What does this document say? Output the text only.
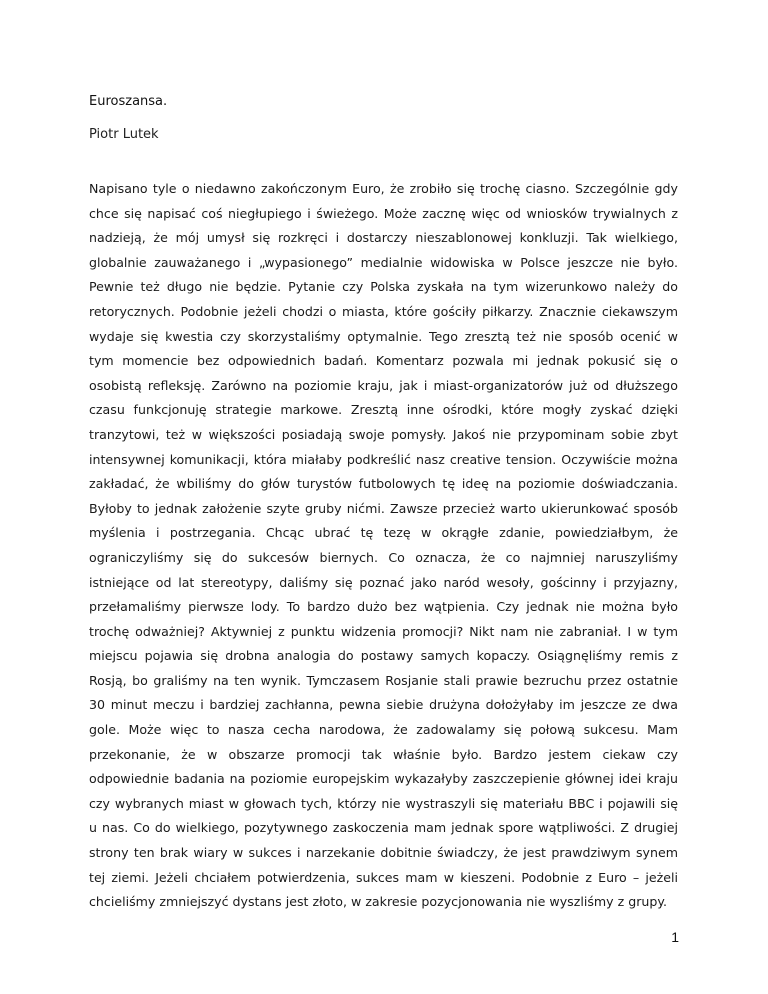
Euroszansa.
Piotr Lutek
Napisano tyle o niedawno zakończonym Euro, że zrobiło się trochę ciasno. Szczególnie gdy
chce się napisać coś niegłupiego i świeżego. Może zacznę więc od wniosków trywialnych z
nadzieją, że mój umysł się rozkręci i dostarczy nieszablonowej konkluzji. Tak wielkiego,
globalnie zauważanego i „wypasionego” medialnie widowiska w Polsce jeszcze nie było.
Pewnie też długo nie będzie. Pytanie czy Polska zyskała na tym wizerunkowo należy do
retorycznych. Podobnie jeżeli chodzi o miasta, które gościły piłkarzy. Znacznie ciekawszym
wydaje się kwestia czy skorzystaliśmy optymalnie. Tego zresztą też nie sposób ocenić w
tym momencie bez odpowiednich badań. Komentarz pozwala mi jednak pokusić się o
osobistą refleksję. Zarówno na poziomie kraju, jak i miast-organizatorów już od dłuższego
czasu funkcjonuję strategie markowe. Zresztą inne ośrodki, które mogły zyskać dzięki
tranzytowi, też w większości posiadają swoje pomysły. Jakoś nie przypominam sobie zbyt
intensywnej komunikacji, która miałaby podkreślić nasz creative tension. Oczywiście można
zakładać, że wbiliśmy do głów turystów futbolowych tę ideę na poziomie doświadczania.
Byłoby to jednak założenie szyte gruby nićmi. Zawsze przecież warto ukierunkować sposób
myślenia i postrzegania. Chcąc ubrać tę tezę w okrągłe zdanie, powiedziałbym, że
ograniczyliśmy się do sukcesów biernych. Co oznacza, że co najmniej naruszyliśmy
istniejące od lat stereotypy, daliśmy się poznać jako naród wesoły, gościnny i przyjazny,
przełamaliśmy pierwsze lody. To bardzo dużo bez wątpienia. Czy jednak nie można było
trochę odważniej? Aktywniej z punktu widzenia promocji? Nikt nam nie zabraniał. I w tym
miejscu pojawia się drobna analogia do postawy samych kopaczy. Osiągnęliśmy remis z
Rosją, bo graliśmy na ten wynik. Tymczasem Rosjanie stali prawie bezruchu przez ostatnie
30 minut meczu i bardziej zachłanna, pewna siebie drużyna dołożyłaby im jeszcze ze dwa
gole. Może więc to nasza cecha narodowa, że zadowalamy się połową sukcesu. Mam
przekonanie, że w obszarze promocji tak właśnie było. Bardzo jestem ciekaw czy
odpowiednie badania na poziomie europejskim wykazałyby zaszczepienie głównej idei kraju
czy wybranych miast w głowach tych, którzy nie wystraszyli się materiału BBC i pojawili się
u nas. Co do wielkiego, pozytywnego zaskoczenia mam jednak spore wątpliwości. Z drugiej
strony ten brak wiary w sukces i narzekanie dobitnie świadczy, że jest prawdziwym synem
tej ziemi. Jeżeli chciałem potwierdzenia, sukces mam w kieszeni. Podobnie z Euro – jeżeli
chcieliśmy zmniejszyć dystans jest złoto, w zakresie pozycjonowania nie wyszliśmy z grupy.
1
